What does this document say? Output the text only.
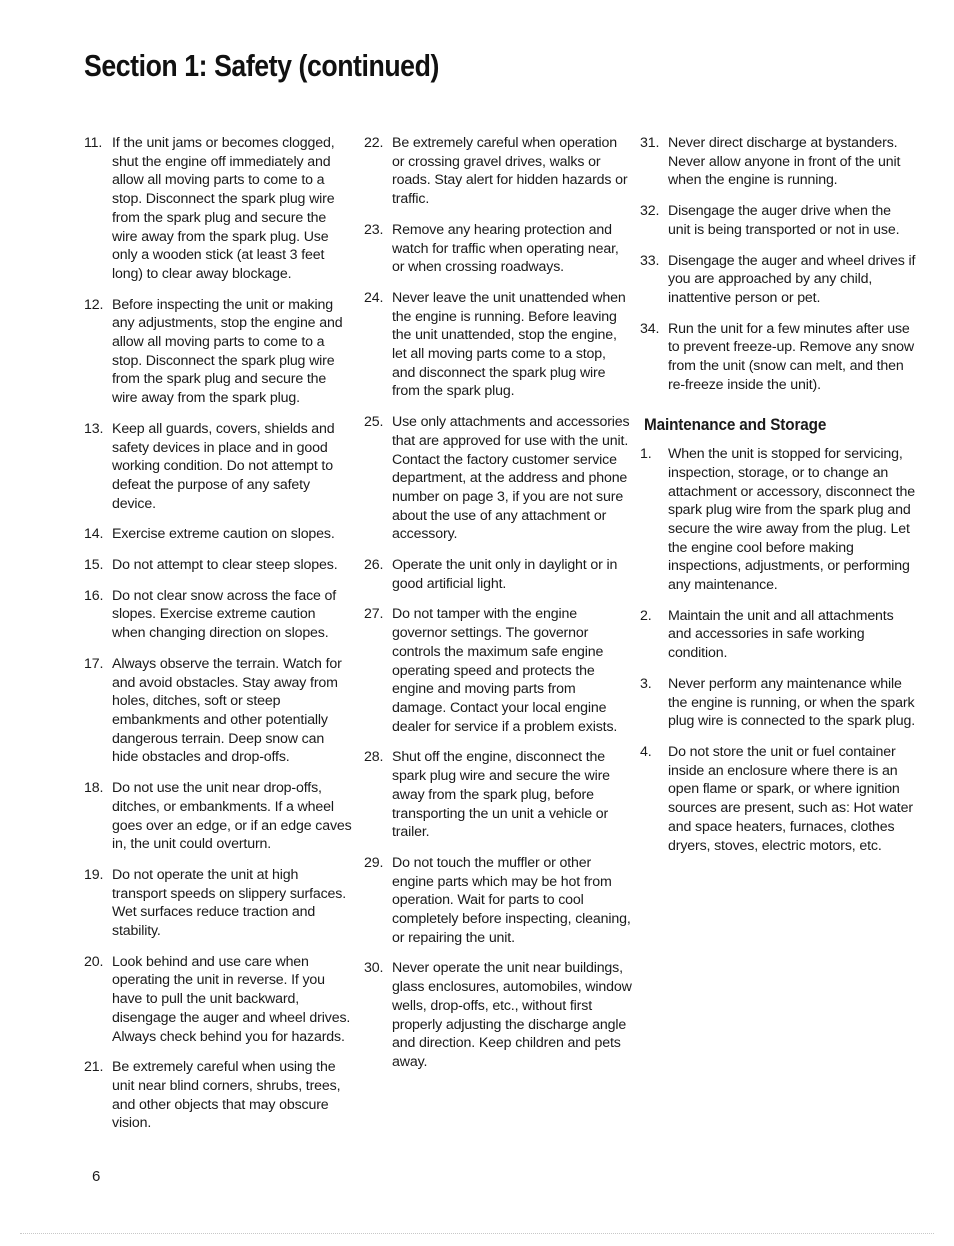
Section 1: Safety (continued)
11. If the unit jams or becomes clogged, shut the engine off immediately and allow all moving parts to come to a stop. Disconnect the spark plug wire from the spark plug and secure the wire away from the spark plug. Use only a wooden stick (at least 3 feet long) to clear away blockage.
12. Before inspecting the unit or making any adjustments, stop the engine and allow all moving parts to come to a stop. Disconnect the spark plug wire from the spark plug and secure the wire away from the spark plug.
13. Keep all guards, covers, shields and safety devices in place and in good working condition. Do not attempt to defeat the purpose of any safety device.
14. Exercise extreme caution on slopes.
15. Do not attempt to clear steep slopes.
16. Do not clear snow across the face of slopes. Exercise extreme caution when changing direction on slopes.
17. Always observe the terrain. Watch for and avoid obstacles. Stay away from holes, ditches, soft or steep embankments and other potentially dangerous terrain. Deep snow can hide obstacles and drop-offs.
18. Do not use the unit near drop-offs, ditches, or embankments. If a wheel goes over an edge, or if an edge caves in, the unit could overturn.
19. Do not operate the unit at high transport speeds on slippery surfaces. Wet surfaces reduce traction and stability.
20. Look behind and use care when operating the unit in reverse. If you have to pull the unit backward, disengage the auger and wheel drives. Always check behind you for hazards.
21. Be extremely careful when using the unit near blind corners, shrubs, trees, and other objects that may obscure vision.
22. Be extremely careful when operation or crossing gravel drives, walks or roads. Stay alert for hidden hazards or traffic.
23. Remove any hearing protection and watch for traffic when operating near, or when crossing roadways.
24. Never leave the unit unattended when the engine is running. Before leaving the unit unattended, stop the engine, let all moving parts come to a stop, and disconnect the spark plug wire from the spark plug.
25. Use only attachments and accessories that are approved for use with the unit. Contact the factory customer service department, at the address and phone number on page 3, if you are not sure about the use of any attachment or accessory.
26. Operate the unit only in daylight or in good artificial light.
27. Do not tamper with the engine governor settings. The governor controls the maximum safe engine operating speed and protects the engine and moving parts from damage. Contact your local engine dealer for service if a problem exists.
28. Shut off the engine, disconnect the spark plug wire and secure the wire away from the spark plug, before transporting the un unit a vehicle or trailer.
29. Do not touch the muffler or other engine parts which may be hot from operation. Wait for parts to cool completely before inspecting, cleaning, or repairing the unit.
30. Never operate the unit near buildings, glass enclosures, automobiles, window wells, drop-offs, etc., without first properly adjusting the discharge angle and direction. Keep children and pets away.
31. Never direct discharge at bystanders. Never allow anyone in front of the unit when the engine is running.
32. Disengage the auger drive when the unit is being transported or not in use.
33. Disengage the auger and wheel drives if you are approached by any child, inattentive person or pet.
34. Run the unit for a few minutes after use to prevent freeze-up. Remove any snow from the unit (snow can melt, and then re-freeze inside the unit).
Maintenance and Storage
1. When the unit is stopped for servicing, inspection, storage, or to change an attachment or accessory, disconnect the spark plug wire from the spark plug and secure the wire away from the plug. Let the engine cool before making inspections, adjustments, or performing any maintenance.
2. Maintain the unit and all attachments and accessories in safe working condition.
3. Never perform any maintenance while the engine is running, or when the spark plug wire is connected to the spark plug.
4. Do not store the unit or fuel container inside an enclosure where there is an open flame or spark, or where ignition sources are present, such as: Hot water and space heaters, furnaces, clothes dryers, stoves, electric motors, etc.
6
